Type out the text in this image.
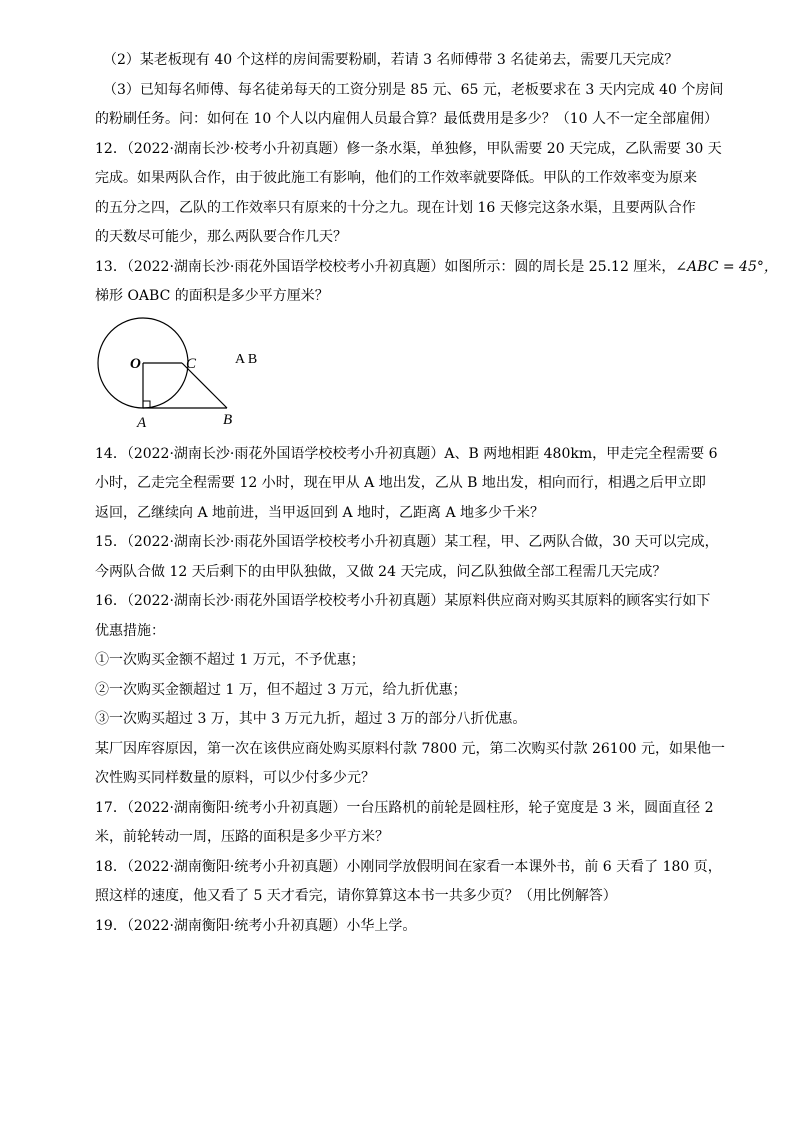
（2）某老板现有 40 个这样的房间需要粉刷，若请 3 名师傅带 3 名徒弟去，需要几天完成？
（3）已知每名师傅、每名徒弟每天的工资分别是 85 元、65 元，老板要求在 3 天内完成 40 个房间
的粉刷任务。问：如何在 10 个人以内雇佣人员最合算？最低费用是多少？（10 人不一定全部雇佣）
12．（2022·湖南长沙·校考小升初真题）修一条水渠，单独修，甲队需要 20 天完成，乙队需要 30 天
完成。如果两队合作，由于彼此施工有影响，他们的工作效率就要降低。甲队的工作效率变为原来
的五分之四，乙队的工作效率只有原来的十分之九。现在计划 16 天修完这条水渠，且要两队合作
的天数尽可能少，那么两队要合作几天？
13．（2022·湖南长沙·雨花外国语学校校考小升初真题）如图所示：圆的周长是 25.12 厘米，∠ABC = 45°，
梯形 OABC 的面积是多少平方厘米？
O	C
A	B
A B
14．（2022·湖南长沙·雨花外国语学校校考小升初真题）A、B 两地相距 480km，甲走完全程需要 6
小时，乙走完全程需要 12 小时，现在甲从 A 地出发，乙从 B 地出发，相向而行，相遇之后甲立即
返回，乙继续向 A 地前进，当甲返回到 A 地时，乙距离 A 地多少千米？
15．（2022·湖南长沙·雨花外国语学校校考小升初真题）某工程，甲、乙两队合做，30 天可以完成，
今两队合做 12 天后剩下的由甲队独做，又做 24 天完成，问乙队独做全部工程需几天完成？
16．（2022·湖南长沙·雨花外国语学校校考小升初真题）某原料供应商对购买其原料的顾客实行如下
优惠措施：
①一次购买金额不超过 1 万元，不予优惠；
②一次购买金额超过 1 万，但不超过 3 万元，给九折优惠；
③一次购买超过 3 万，其中 3 万元九折，超过 3 万的部分八折优惠。
某厂因库容原因，第一次在该供应商处购买原料付款 7800 元，第二次购买付款 26100 元，如果他一
次性购买同样数量的原料，可以少付多少元？
17．（2022·湖南衡阳·统考小升初真题）一台压路机的前轮是圆柱形，轮子宽度是 3 米，圆面直径 2
米，前轮转动一周，压路的面积是多少平方米？
18．（2022·湖南衡阳·统考小升初真题）小刚同学放假明间在家看一本课外书，前 6 天看了 180 页，
照这样的速度，他又看了 5 天才看完，请你算算这本书一共多少页？（用比例解答）
19．（2022·湖南衡阳·统考小升初真题）小华上学。
